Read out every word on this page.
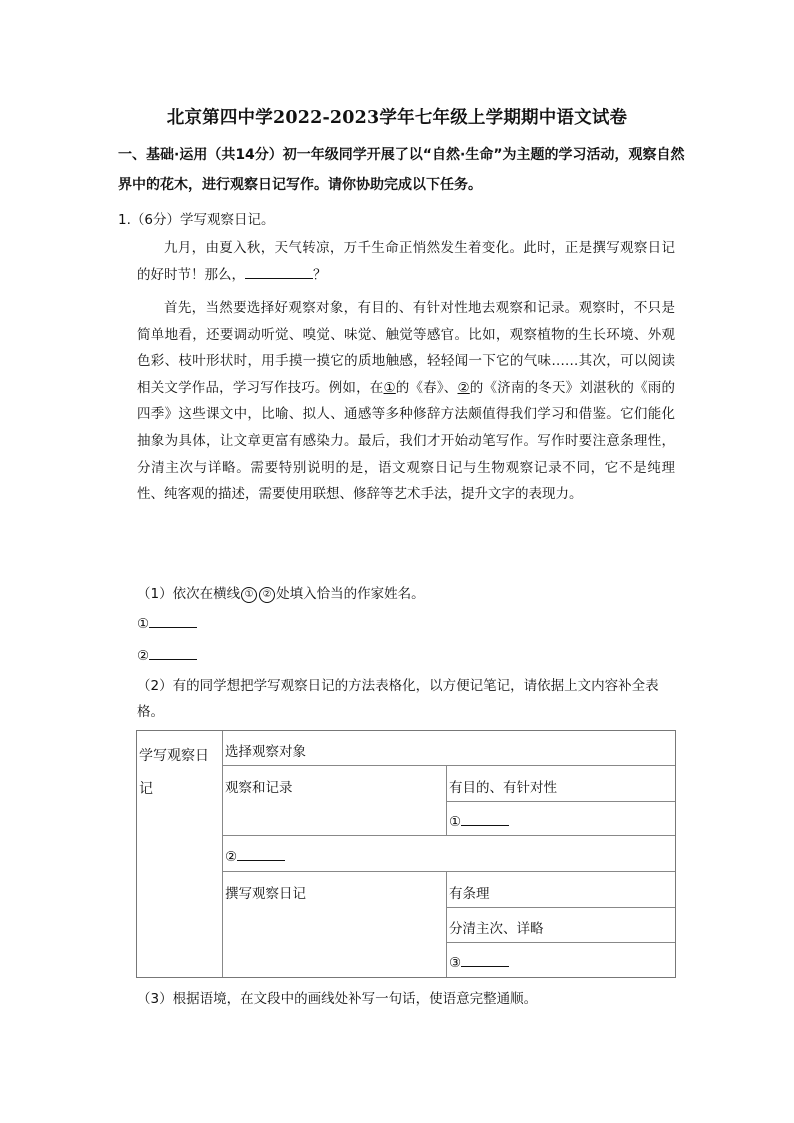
北京第四中学2022-2023学年七年级上学期期中语文试卷
一、基础·运用（共14分）初一年级同学开展了以“自然·生命”为主题的学习活动，观察自然界中的花木，进行观察日记写作。请你协助完成以下任务。
1.（6分）学写观察日记。
九月，由夏入秋，天气转凉，万千生命正悄然发生着变化。此时，正是撰写观察日记的好时节！那么，	？
首先，当然要选择好观察对象，有目的、有针对性地去观察和记录。观察时，不只是简单地看，还要调动听觉、嗅觉、味觉、触觉等感官。比如，观察植物的生长环境、外观色彩、枝叶形状时，用手摸一摸它的质地触感，轻轻闻一下它的气味……其次，可以阅读相关文学作品，学习写作技巧。例如，在①的《春》、②的《济南的冬天》刘湛秋的《雨的四季》这些课文中，比喻、拟人、通感等多种修辞方法颇值得我们学习和借鉴。它们能化抽象为具体，让文章更富有感染力。最后，我们才开始动笔写作。写作时要注意条理性，分清主次与详略。需要特别说明的是，语文观察日记与生物观察记录不同，它不是纯理性、纯客观的描述，需要使用联想、修辞等艺术手法，提升文字的表现力。
（1）依次在横线 ① ② 处填入恰当的作家姓名。
①
②
（2）有的同学想把学写观察日记的方法表格化，以方便记笔记，请依据上文内容补全表格。
学写观察日记
选择观察对象
观察和记录	有目的、有针对性
①
②
撰写观察日记	有条理
分清主次、详略
③
（3）根据语境，在文段中的画线处补写一句话，使语意完整通顺。
